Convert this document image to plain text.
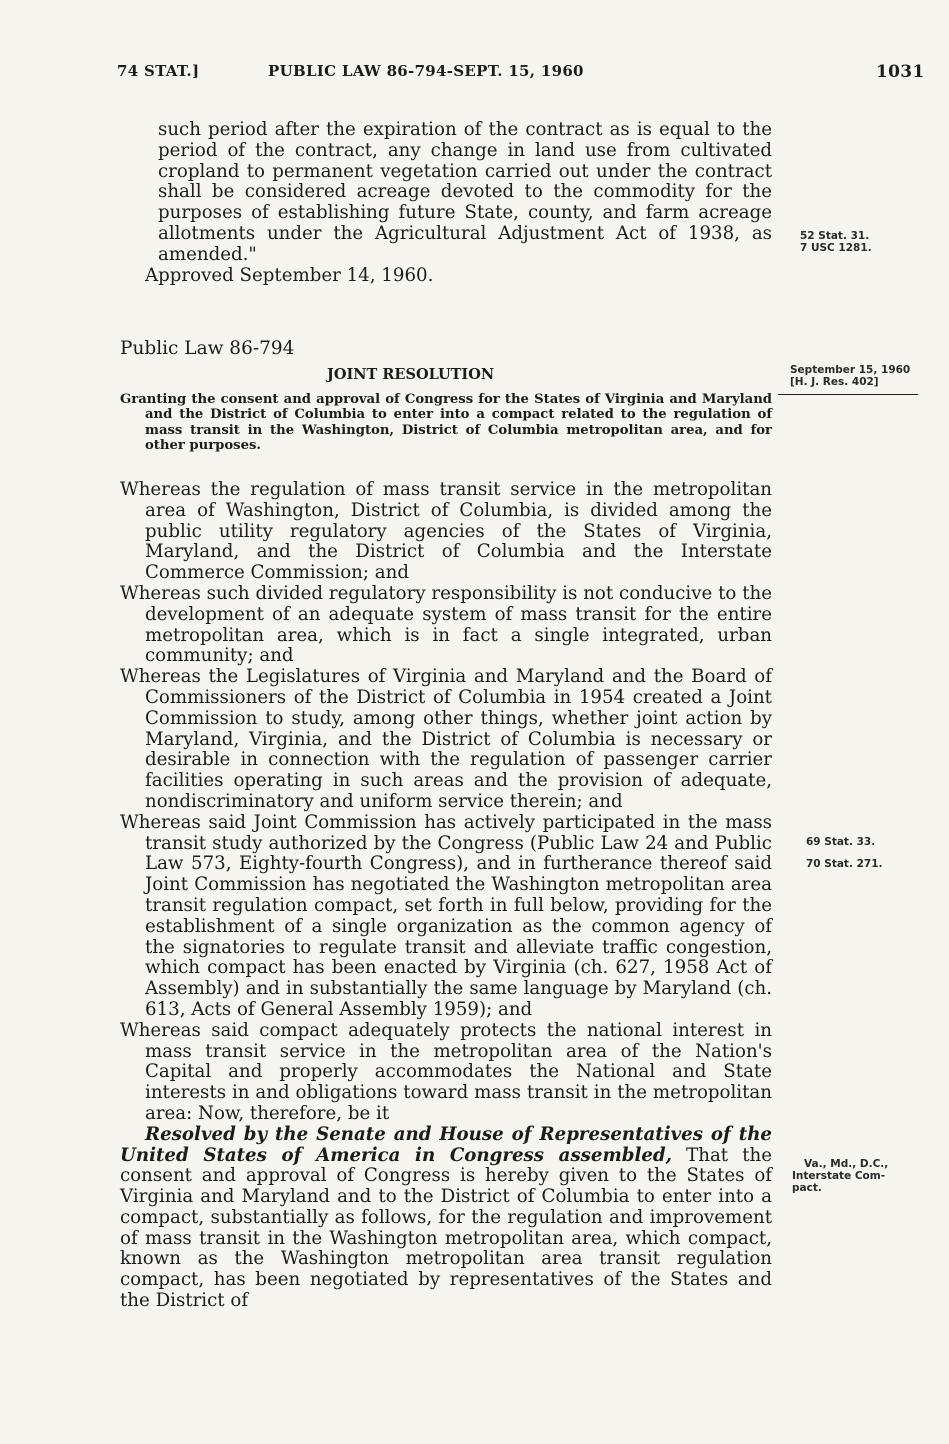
74 STAT.]	PUBLIC LAW 86-794-SEPT. 15, 1960	1031

such period after the expiration of the contract as is equal to the period of the contract, any change in land use from cultivated cropland to permanent vegetation carried out under the contract shall be considered acreage devoted to the commodity for the purposes of establishing future State, county, and farm acreage allotments under the Agricultural Adjustment Act of 1938, as amended."

Approved September 14, 1960.

52 Stat. 31.
7 USC 1281.
Public Law 86-794
JOINT RESOLUTION	September 15, 1960
[H. J. Res. 402]

Granting the consent and approval of Congress for the States of Virginia and Maryland and the District of Columbia to enter into a compact related to the regulation of mass transit in the Washington, District of Columbia metropolitan area, and for other purposes.

Whereas the regulation of mass transit service in the metropolitan area of Washington, District of Columbia, is divided among the public utility regulatory agencies of the States of Virginia, Maryland, and the District of Columbia and the Interstate Commerce Commission; and

Whereas such divided regulatory responsibility is not conducive to the development of an adequate system of mass transit for the entire metropolitan area, which is in fact a single integrated, urban community; and

Whereas the Legislatures of Virginia and Maryland and the Board of Commissioners of the District of Columbia in 1954 created a Joint Commission to study, among other things, whether joint action by Maryland, Virginia, and the District of Columbia is necessary or desirable in connection with the regulation of passenger carrier facilities operating in such areas and the provision of adequate, nondiscriminatory and uniform service therein; and

Whereas said Joint Commission has actively participated in the mass transit study authorized by the Congress (Public Law 24 and Public Law 573, Eighty-fourth Congress), and in furtherance thereof said Joint Commission has negotiated the Washington metropolitan area transit regulation compact, set forth in full below, providing for the establishment of a single organization as the common agency of the signatories to regulate transit and alleviate traffic congestion, which compact has been enacted by Virginia (ch. 627, 1958 Act of Assembly) and in substantially the same language by Maryland (ch. 613, Acts of General Assembly 1959); and

Whereas said compact adequately protects the national interest in mass transit service in the metropolitan area of the Nation's Capital and properly accommodates the National and State interests in and obligations toward mass transit in the metropolitan area: Now, therefore, be it

Resolved by the Senate and House of Representatives of the United States of America in Congress assembled, That the consent and approval of Congress is hereby given to the States of Virginia and Maryland and to the District of Columbia to enter into a compact, substantially as follows, for the regulation and improvement of mass transit in the Washington metropolitan area, which compact, known as the Washington metropolitan area transit regulation compact, has been negotiated by representatives of the States and the District of

69 Stat. 33.
70 Stat. 271.
Va., Md., D.C.,
Interstate Com-
pact.
